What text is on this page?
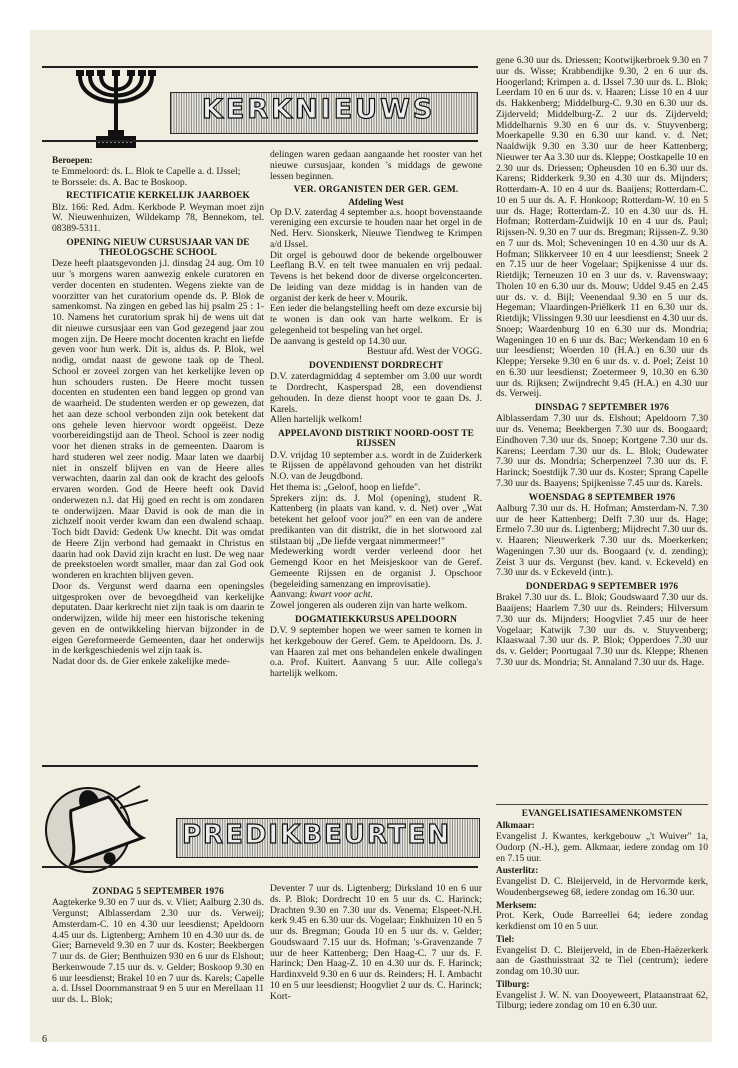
KERKNIEUWS
Beroepen:

te Emmeloord: ds. L. Blok te Capelle a. d. IJssel;

te Borssele: ds. A. Bac te Boskoop.

RECTIFICATIE KERKELIJK JAARBOEK

Blz. 166: Red. Adm. Kerkbode P. Weyman moet zijn W. Nieuwenhuizen, Wildekamp 78, Bennekom, tel. 08389-5311.

OPENING NIEUW CURSUSJAAR VAN DE THEOLOGSCHE SCHOOL

Deze heeft plaatsgevonden j.l. dinsdag 24 aug. Om 10 uur 's morgens waren aanwezig enkele curatoren en verder docenten en studenten. Wegens ziekte van de voorzitter van het curatorium opende ds. P. Blok de samenkomst. Na zingen en gebed las hij psalm 25 : 1-10. Namens het curatorium sprak hij de wens uit dat dit nieuwe cursusjaar een van God gezegend jaar zou mogen zijn. De Heere mocht docenten kracht en liefde geven voor hun werk. Dit is, aldus ds. P. Blok, wel nodig, omdat naast de gewone taak op de Theol. School er zoveel zorgen van het kerkelijke leven op hun schouders rusten. De Heere mocht tussen docenten en studenten een band leggen op grond van de waarheid. De studenten werden er op gewezen, dat het aan deze school verbonden zijn ook betekent dat ons gehele leven hiervoor wordt opgeëist. Deze voorbereidingstijd aan de Theol. School is zeer nodig voor het dienen straks in de gemeenten. Daarom is hard studeren wel zeer nodig. Maar laten we daarbij niet in onszelf blijven en van de Heere alles verwachten, daarin zal dan ook de kracht des geloofs ervaren worden. God de Heere heeft ook David onderwezen n.l. dat Hij goed en recht is om zondaren te onderwijzen. Maar David is ook de man die in zichzelf nooit verder kwam dan een dwalend schaap. Toch bidt David: Gedenk Uw knecht. Dit was omdat de Heere Zijn verbond had gemaakt in Christus en daarin had ook David zijn kracht en lust. De weg naar de preekstoelen wordt smaller, maar dan zal God ook wonderen en krachten blijven geven.

Door ds. Vergunst werd daarna een openingsles uitgesproken over de bevoegdheid van kerkelijke deputaten. Daar kerkrecht niet zijn taak is om daarin te onderwijzen, wilde hij meer een historische tekening geven en de ontwikkeling hiervan bijzonder in de eigen Gereformeerde Gemeenten, daar het onderwijs in de kerkgeschiedenis wel zijn taak is.

Nadat door ds. de Gier enkele zakelijke mede-

delingen waren gedaan aangaande het rooster van het nieuwe cursusjaar, konden 's middags de gewone lessen beginnen.

VER. ORGANISTEN DER GER. GEM.
Afdeling West

Op D.V. zaterdag 4 september a.s. hoopt bovenstaande vereniging een excursie te houden naar het orgel in de Ned. Herv. Sionskerk, Nieuwe Tiendweg te Krimpen a/d IJssel.

Dit orgel is gebouwd door de bekende orgelbouwer Leeflang B.V. en telt twee manualen en vrij pedaal. Tevens is het bekend door de diverse orgelconcerten. De leiding van deze middag is in handen van de organist der kerk de heer v. Mourik.

Een ieder die belangstelling heeft om deze excursie bij te wonen is dan ook van harte welkom. Er is gelegenheid tot bespeling van het orgel.

De aanvang is gesteld op 14.30 uur.

Bestuur afd. West der VOGG.

DOVENDIENST DORDRECHT

D.V. zaterdagmiddag 4 september om 3.00 uur wordt te Dordrecht, Kasperspad 28, een dovendienst gehouden. In deze dienst hoopt voor te gaan Ds. J. Karels.

Allen hartelijk welkom!

APPELAVOND DISTRIKT NOORD-OOST TE RIJSSEN

D.V. vrijdag 10 september a.s. wordt in de Zuiderkerk te Rijssen de appèlavond gehouden van het distrikt N.O. van de Jeugdbond.

Het thema is: „Geloof, hoop en liefde".

Sprekers zijn: ds. J. Mol (opening), student R. Kattenberg (in plaats van kand. v. d. Net) over „Wat betekent het geloof voor jou?" en een van de andere predikanten van dit distrikt, die in het slotwoord zal stilstaan bij „De liefde vergaat nimmermeer!"

Medewerking wordt verder verleend door het Gemengd Koor en het Meisjeskoor van de Geref. Gemeente Rijssen en de organist J. Opschoor (begeleiding samenzang en improvisatie).

Aanvang: kwart voor acht.

Zowel jongeren als ouderen zijn van harte welkom.

DOGMATIEKKURSUS APELDOORN

D.V. 9 september hopen we weer samen te komen in het kerkgebouw der Geref. Gem. te Apeldoorn. Ds. J. van Haaren zal met ons behandelen enkele dwalingen o.a. Prof. Kuitert. Aanvang 5 uur. Alle collega's hartelijk welkom.

gene 6.30 uur ds. Driessen; Kootwijkerbroek 9.30 en 7 uur ds. Wisse; Krabbendijke 9.30, 2 en 6 uur ds. Hoogerland; Krimpen a. d. IJssel 7.30 uur ds. L. Blok; Leerdam 10 en 6 uur ds. v. Haaren; Lisse 10 en 4 uur ds. Hakkenberg; Middelburg-C. 9.30 en 6.30 uur ds. Zijderveld; Middelburg-Z. 2 uur ds. Zijderveld; Middelharnis 9.30 en 6 uur ds. v. Stuyvenberg; Moerkapelle 9.30 en 6.30 uur kand. v. d. Net; Naaldwijk 9.30 en 3.30 uur de heer Kattenberg; Nieuwer ter Aa 3.30 uur ds. Kleppe; Oostkapelle 10 en 2.30 uur ds. Driessen; Opheusden 10 en 6.30 uur ds. Karens; Ridderkerk 9.30 en 4.30 uur ds. Mijnders; Rotterdam-A. 10 en 4 uur ds. Baaijens; Rotterdam-C. 10 en 5 uur ds. A. F. Honkoop; Rotterdam-W. 10 en 5 uur ds. Hage; Rotterdam-Z. 10 en 4.30 uur ds. H. Hofman; Rotterdam-Zuidwijk 10 en 4 uur ds. Paul; Rijssen-N. 9.30 en 7 uur ds. Bregman; Rijssen-Z. 9.30 en 7 uur ds. Mol; Scheveningen 10 en 4.30 uur ds A. Hofman; Slikkerveer 10 en 4 uur leesdienst; Sneek 2 en 7.15 uur de heer Vogelaar; Spijkenisse 4 uur ds. Rietdijk; Terneuzen 10 en 3 uur ds. v. Ravenswaay; Tholen 10 en 6.30 uur ds. Mouw; Uddel 9.45 en 2.45 uur ds. v. d. Bijl; Veenendaal 9.30 en 5 uur ds. Hegeman; Vlaardingen-Priëlkerk 11 en 6.30 uur ds. Rietdijk; Vlissingen 9.30 uur leesdienst en 4.30 uur ds. Snoep; Waardenburg 10 en 6.30 uur ds. Mondria; Wageningen 10 en 6 uur ds. Bac; Werkendam 10 en 6 uur leesdienst; Woerden 10 (H.A.) en 6.30 uur ds Kleppe; Yerseke 9.30 en 6 uur ds. v. d. Poel; Zeist 10 en 6.30 uur leesdienst; Zoetermeer 9, 10.30 en 6.30 uur ds. Rijksen; Zwijndrecht 9.45 (H.A.) en 4.30 uur ds. Verweij.

DINSDAG 7 SEPTEMBER 1976

Alblasserdam 7.30 uur ds. Elshout; Apeldoorn 7.30 uur ds. Venema; Beekbergen 7.30 uur ds. Boogaard; Eindhoven 7.30 uur ds. Snoep; Kortgene 7.30 uur ds. Karens; Leerdam 7.30 uur ds. L. Blok; Oudewater 7.30 uur ds. Mondria; Scherpenzeel 7.30 uur ds. F. Harinck; Soestdijk 7.30 uur ds. Koster; Sprang Capelle 7.30 uur ds. Baayens; Spijkenisse 7.45 uur ds. Karels.

WOENSDAG 8 SEPTEMBER 1976

Aalburg 7.30 uur ds. H. Hofman; Amsterdam-N. 7.30 uur de heer Kattenberg; Delft 7.30 uur ds. Hage; Ermelo 7.30 uur ds. Ligtenberg; Mijdrecht 7.30 uur ds. v. Haaren; Nieuwerkerk 7.30 uur ds. Moerkerken; Wageningen 7.30 uur ds. Boogaard (v. d. zending); Zeist 3 uur ds. Vergunst (bev. kand. v. Eckeveld) en 7.30 uur ds. v Eckeveld (intr.).

DONDERDAG 9 SEPTEMBER 1976

Brakel 7.30 uur ds. L. Blok; Goudswaard 7.30 uur ds. Baaijens; Haarlem 7.30 uur ds. Reinders; Hilversum 7.30 uur ds. Mijnders; Hoogvliet 7.45 uur de heer Vogelaar; Katwijk 7.30 uur ds. v. Stuyvenberg; Klaaswaal 7.30 uur ds. P. Blok; Opperdoes 7.30 uur ds. v. Gelder; Poortugaal 7.30 uur ds. Kleppe; Rhenen 7.30 uur ds. Mondria; St. Annaland 7.30 uur ds. Hage.

PREDIKBEURTEN
ZONDAG 5 SEPTEMBER 1976

Aagtekerke 9.30 en 7 uur ds. v. Vliet; Aalburg 2.30 ds. Vergunst; Alblasserdam 2.30 uur ds. Verweij; Amsterdam-C. 10 en 4.30 uur leesdienst; Apeldoorn 4.45 uur ds. Ligtenberg; Arnhem 10 en 4.30 uur ds. de Gier; Barneveld 9.30 en 7 uur ds. Koster; Beekbergen 7 uur ds. de Gier; Benthuizen 930 en 6 uur ds Elshout; Berkenwoude 7.15 uur ds. v. Gelder; Boskoop 9.30 en 6 uur leesdienst; Brakel 10 en 7 uur ds. Karels; Capelle a. d. IJssel Doornmanstraat 9 en 5 uur en Merellaan 11 uur ds. L. Blok;

Deventer 7 uur ds. Ligtenberg; Dirksland 10 en 6 uur ds. P. Blok; Dordrecht 10 en 5 uur ds. C. Harinck; Drachten 9.30 en 7.30 uur ds. Venema; Elspeet-N.H. kerk 9.45 en 6.30 uur ds. Vogelaar; Enkhuizen 10 en 5 uur ds. Bregman; Gouda 10 en 5 uur ds. v. Gelder; Goudswaard 7.15 uur ds. Hofman; 's-Gravenzande 7 uur de heer Kattenberg; Den Haag-C. 7 uur ds. F. Harinck; Den Haag-Z. 10 en 4.30 uur ds. F. Harinck; Hardinxveld 9.30 en 6 uur ds. Reinders; H. I. Ambacht 10 en 5 uur leesdienst; Hoogvliet 2 uur ds. C. Harinck; Kort-

EVANGELISATIESAMENKOMSTEN
Alkmaar:

Evangelist J. Kwantes, kerkgebouw „'t Wuiver" 1a, Oudorp (N.-H.), gem. Alkmaar, iedere zondag om 10 en 7.15 uur.

Austerlitz:

Evangelist D. C. Bleijerveld, in de Hervormde kerk, Woudenbergseweg 68, iedere zondag om 16.30 uur.

Merksem:

Prot. Kerk, Oude Barreellei 64; iedere zondag kerkdienst om 10 en 5 uur.

Tiel:

Evangelist D. C. Bleijerveld, in de Eben-Haëzerkerk aan de Gasthuisstraat 32 te Tiel (centrum); iedere zondag om 10.30 uur.

Tilburg:

Evangelist J. W. N. van Dooyeweert, Plataanstraat 62, Tilburg; iedere zondag om 10 en 6.30 uur.

6
